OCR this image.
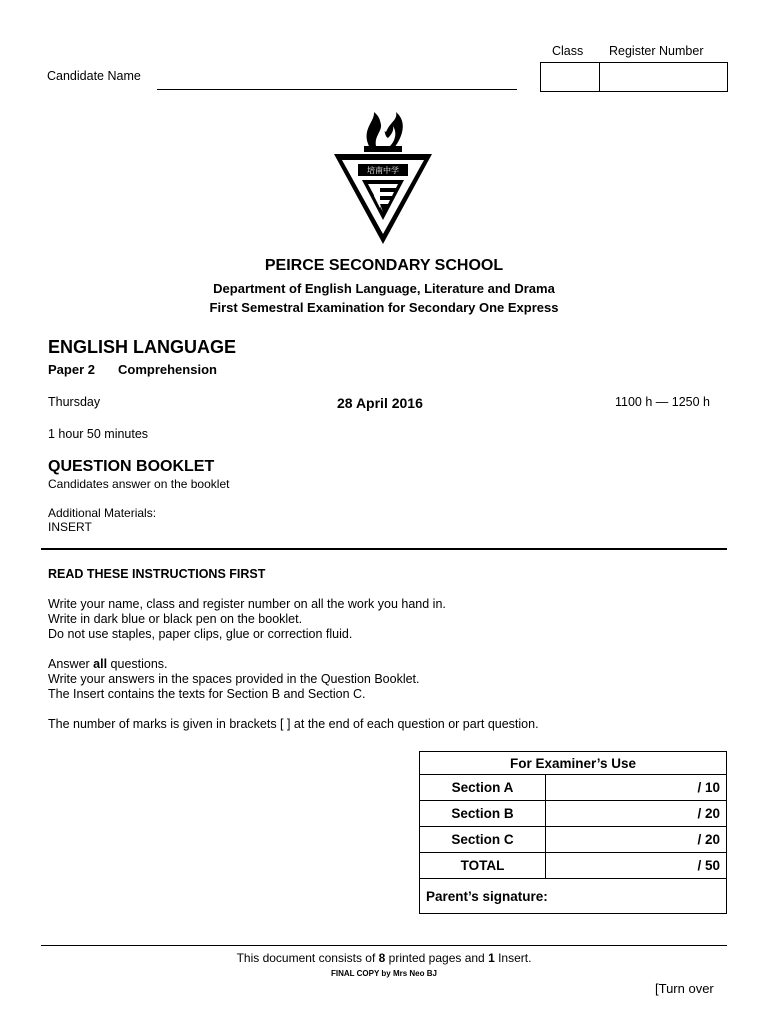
Candidate Name
Class Register Number
培南中学
PEIRCE SECONDARY SCHOOL
Department of English Language, Literature and Drama
First Semestral Examination for Secondary One Express
ENGLISH LANGUAGE
Paper 2 Comprehension
Thursday	28 April 2016	1100 h — 1250 h
1 hour 50 minutes
QUESTION BOOKLET
Candidates answer on the booklet
Additional Materials:
INSERT
READ THESE INSTRUCTIONS FIRST

Write your name, class and register number on all the work you hand in.

Write in dark blue or black pen on the booklet.

Do not use staples, paper clips, glue or correction fluid.

Answer all questions.

Write your answers in the spaces provided in the Question Booklet.

The Insert contains the texts for Section B and Section C.

The number of marks is given in brackets [ ] at the end of each question or part question.

For Examiner’s Use	
Section A	/ 10
Section B	/ 20
Section C	/ 20
TOTAL	/ 50
Parent’s signature:	
This document consists of 8 printed pages and 1 Insert.
FINAL COPY by Mrs Neo BJ
[Turn over
